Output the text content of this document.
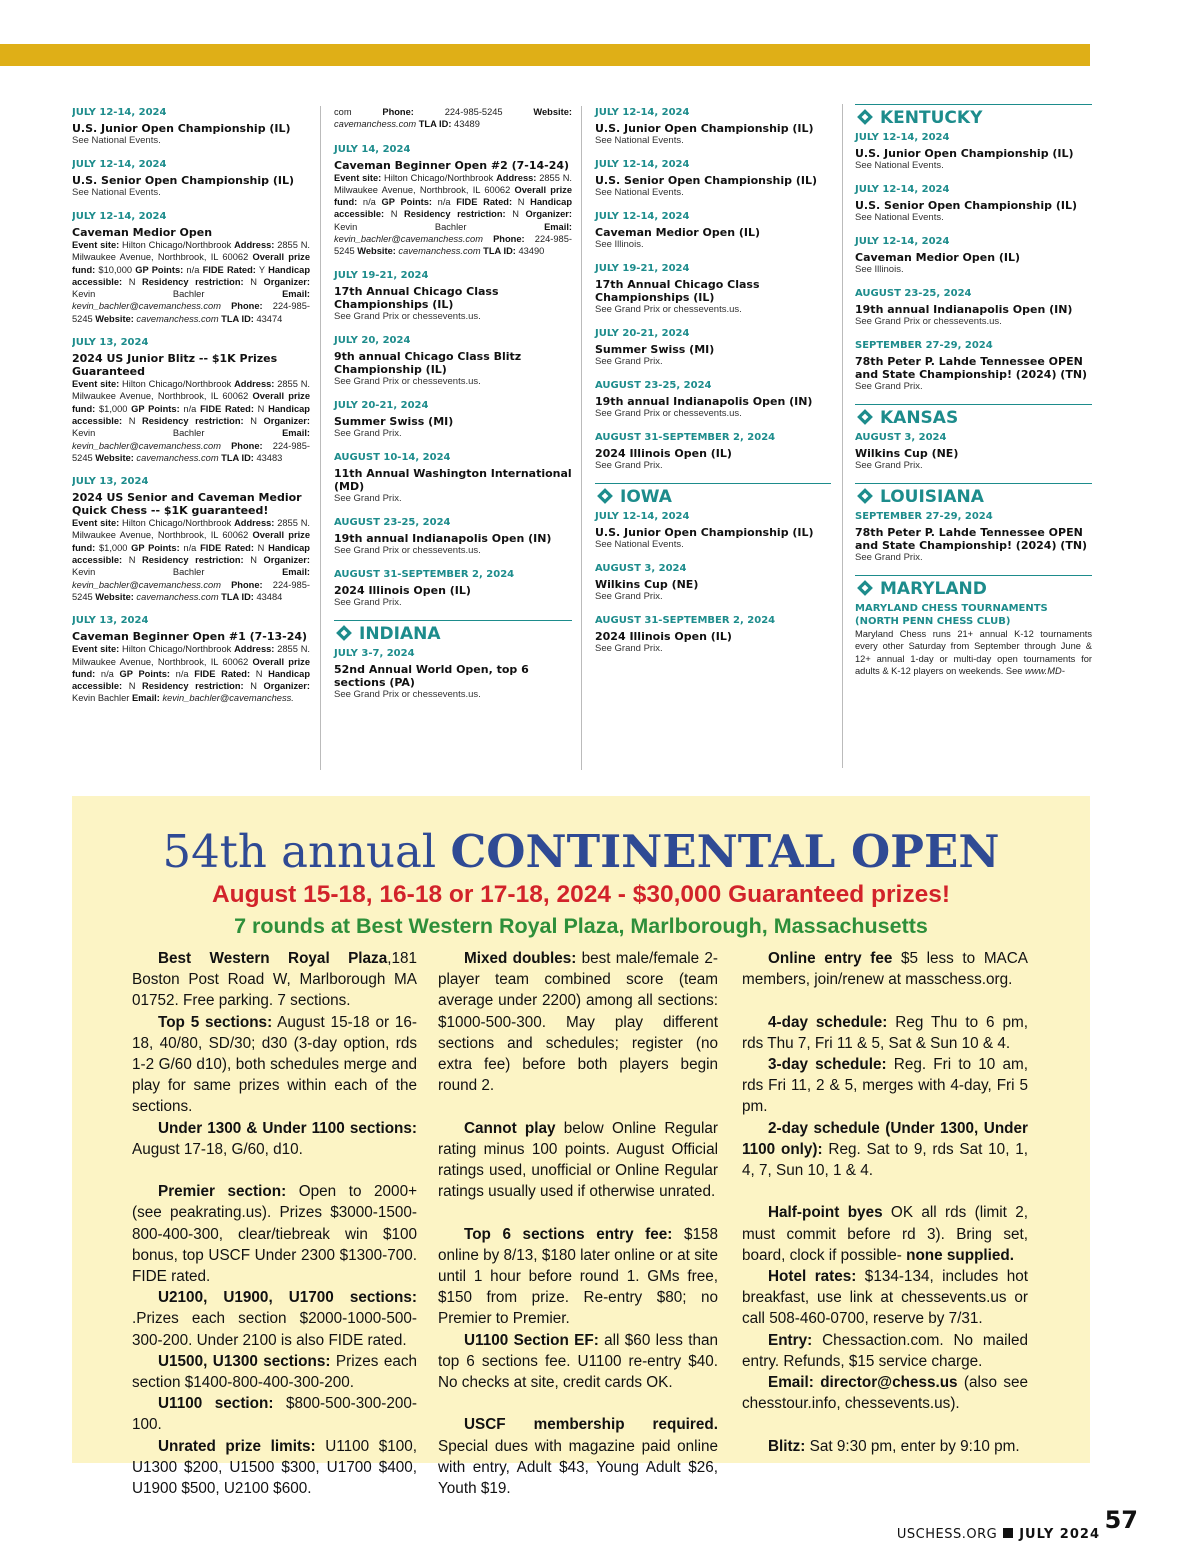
JULY 12-14, 2024
U.S. Junior Open Championship (IL)
See National Events.
JULY 12-14, 2024
U.S. Senior Open Championship (IL)
See National Events.
JULY 12-14, 2024
Caveman Medior Open
Event site: Hilton Chicago/Northbrook Address: 2855 N. Milwaukee Avenue, Northbrook, IL 60062 Overall prize fund: $10,000 GP Points: n/a FIDE Rated: Y Handicap accessible: N Residency restriction: N Organizer: Kevin Bachler Email: kevin_bachler@cavemanchess.com Phone: 224-985-5245 Website: cavemanchess.com TLA ID: 43474
JULY 13, 2024
2024 US Junior Blitz -- $1K Prizes Guaranteed
Event site: Hilton Chicago/Northbrook Address: 2855 N. Milwaukee Avenue, Northbrook, IL 60062 Overall prize fund: $1,000 GP Points: n/a FIDE Rated: N Handicap accessible: N Residency restriction: N Organizer: Kevin Bachler Email: kevin_bachler@cavemanchess.com Phone: 224-985-5245 Website: cavemanchess.com TLA ID: 43483
JULY 13, 2024
2024 US Senior and Caveman Medior Quick Chess -- $1K guaranteed!
Event site: Hilton Chicago/Northbrook Address: 2855 N. Milwaukee Avenue, Northbrook, IL 60062 Overall prize fund: $1,000 GP Points: n/a FIDE Rated: N Handicap accessible: N Residency restriction: N Organizer: Kevin Bachler Email: kevin_bachler@cavemanchess.com Phone: 224-985-5245 Website: cavemanchess.com TLA ID: 43484
JULY 13, 2024
Caveman Beginner Open #1 (7-13-24)
Event site: Hilton Chicago/Northbrook Address: 2855 N. Milwaukee Avenue, Northbrook, IL 60062 Overall prize fund: n/a GP Points: n/a FIDE Rated: N Handicap accessible: N Residency restriction: N Organizer: Kevin Bachler Email: kevin_bachler@cavemanchess.
com Phone: 224-985-5245 Website: cavemanchess.com TLA ID: 43489
JULY 14, 2024
Caveman Beginner Open #2 (7-14-24)
Event site: Hilton Chicago/Northbrook Address: 2855 N. Milwaukee Avenue, Northbrook, IL 60062 Overall prize fund: n/a GP Points: n/a FIDE Rated: N Handicap accessible: N Residency restriction: N Organizer: Kevin Bachler Email: kevin_bachler@cavemanchess.com Phone: 224-985-5245 Website: cavemanchess.com TLA ID: 43490
JULY 19-21, 2024
17th Annual Chicago Class Championships (IL)
See Grand Prix or chessevents.us.
JULY 20, 2024
9th annual Chicago Class Blitz Championship (IL)
See Grand Prix or chessevents.us.
JULY 20-21, 2024
Summer Swiss (MI)
See Grand Prix.
AUGUST 10-14, 2024
11th Annual Washington International (MD)
See Grand Prix.
AUGUST 23-25, 2024
19th annual Indianapolis Open (IN)
See Grand Prix or chessevents.us.
AUGUST 31-SEPTEMBER 2, 2024
2024 Illinois Open (IL)
See Grand Prix.
INDIANA
JULY 3-7, 2024
52nd Annual World Open, top 6 sections (PA)
See Grand Prix or chessevents.us.
JULY 12-14, 2024
U.S. Junior Open Championship (IL)
See National Events.
JULY 12-14, 2024
U.S. Senior Open Championship (IL)
See National Events.
JULY 12-14, 2024
Caveman Medior Open (IL)
See Illinois.
JULY 19-21, 2024
17th Annual Chicago Class Championships (IL)
See Grand Prix or chessevents.us.
JULY 20-21, 2024
Summer Swiss (MI)
See Grand Prix.
AUGUST 23-25, 2024
19th annual Indianapolis Open (IN)
See Grand Prix or chessevents.us.
AUGUST 31-SEPTEMBER 2, 2024
2024 Illinois Open (IL)
See Grand Prix.
IOWA
JULY 12-14, 2024
U.S. Junior Open Championship (IL)
See National Events.
AUGUST 3, 2024
Wilkins Cup (NE)
See Grand Prix.
AUGUST 31-SEPTEMBER 2, 2024
2024 Illinois Open (IL)
See Grand Prix.
KENTUCKY
JULY 12-14, 2024
U.S. Junior Open Championship (IL)
See National Events.
JULY 12-14, 2024
U.S. Senior Open Championship (IL)
See National Events.
JULY 12-14, 2024
Caveman Medior Open (IL)
See Illinois.
AUGUST 23-25, 2024
19th annual Indianapolis Open (IN)
See Grand Prix or chessevents.us.
SEPTEMBER 27-29, 2024
78th Peter P. Lahde Tennessee OPEN and State Championship! (2024) (TN)
See Grand Prix.
KANSAS
AUGUST 3, 2024
Wilkins Cup (NE)
See Grand Prix.
LOUISIANA
SEPTEMBER 27-29, 2024
78th Peter P. Lahde Tennessee OPEN and State Championship! (2024) (TN)
See Grand Prix.
MARYLAND
MARYLAND CHESS TOURNAMENTS (NORTH PENN CHESS CLUB)
Maryland Chess runs 21+ annual K-12 tournaments every other Saturday from September through June & 12+ annual 1-day or multi-day open tournaments for adults & K-12 players on weekends. See www.MD-
54th annual CONTINENTAL OPEN
August 15-18, 16-18 or 17-18, 2024 - $30,000 Guaranteed prizes!
7 rounds at Best Western Royal Plaza, Marlborough, Massachusetts

Best Western Royal Plaza,181 Boston Post Road W, Marlborough MA 01752. Free parking. 7 sections.

Top 5 sections: August 15-18 or 16-18, 40/80, SD/30; d30 (3-day option, rds 1-2 G/60 d10), both schedules merge and play for same prizes within each of the sections.

Under 1300 & Under 1100 sections: August 17-18, G/60, d10.

Premier section: Open to 2000+ (see peakrating.us). Prizes $3000-1500-800-400-300, clear/tiebreak win $100 bonus, top USCF Under 2300 $1300-700. FIDE rated.

U2100, U1900, U1700 sections: .Prizes each section $2000-1000-500-300-200. Under 2100 is also FIDE rated.

U1500, U1300 sections: Prizes each section $1400-800-400-300-200.

U1100 section: $800-500-300-200-100.

Unrated prize limits: U1100 $100, U1300 $200, U1500 $300, U1700 $400, U1900 $500, U2100 $600.

Mixed doubles: best male/female 2-player team combined score (team average under 2200) among all sections: $1000-500-300. May play different sections and schedules; register (no extra fee) before both players begin round 2.

Cannot play below Online Regular rating minus 100 points. August Official ratings used, unofficial or Online Regular ratings usually used if otherwise unrated.

Top 6 sections entry fee: $158 online by 8/13, $180 later online or at site until 1 hour before round 1. GMs free, $150 from prize. Re-entry $80; no Premier to Premier.

U1100 Section EF: all $60 less than top 6 sections fee. U1100 re-entry $40. No checks at site, credit cards OK.

USCF membership required. Special dues with magazine paid online with entry, Adult $43, Young Adult $26, Youth $19.

Online entry fee $5 less to MACA members, join/renew at masschess.org.

4-day schedule: Reg Thu to 6 pm, rds Thu 7, Fri 11 & 5, Sat & Sun 10 & 4.

3-day schedule: Reg. Fri to 10 am, rds Fri 11, 2 & 5, merges with 4-day, Fri 5 pm.

2-day schedule (Under 1300, Under 1100 only): Reg. Sat to 9, rds Sat 10, 1, 4, 7, Sun 10, 1 & 4.

Half-point byes OK all rds (limit 2, must commit before rd 3). Bring set, board, clock if possible- none supplied.

Hotel rates: $134-134, includes hot breakfast, use link at chessevents.us or call 508-460-0700, reserve by 7/31.

Entry: Chessaction.com. No mailed entry. Refunds, $15 service charge.

Email: director@chess.us (also see chesstour.info, chessevents.us).

Blitz: Sat 9:30 pm, enter by 9:10 pm.

USCHESS.ORG JULY 2024
57
